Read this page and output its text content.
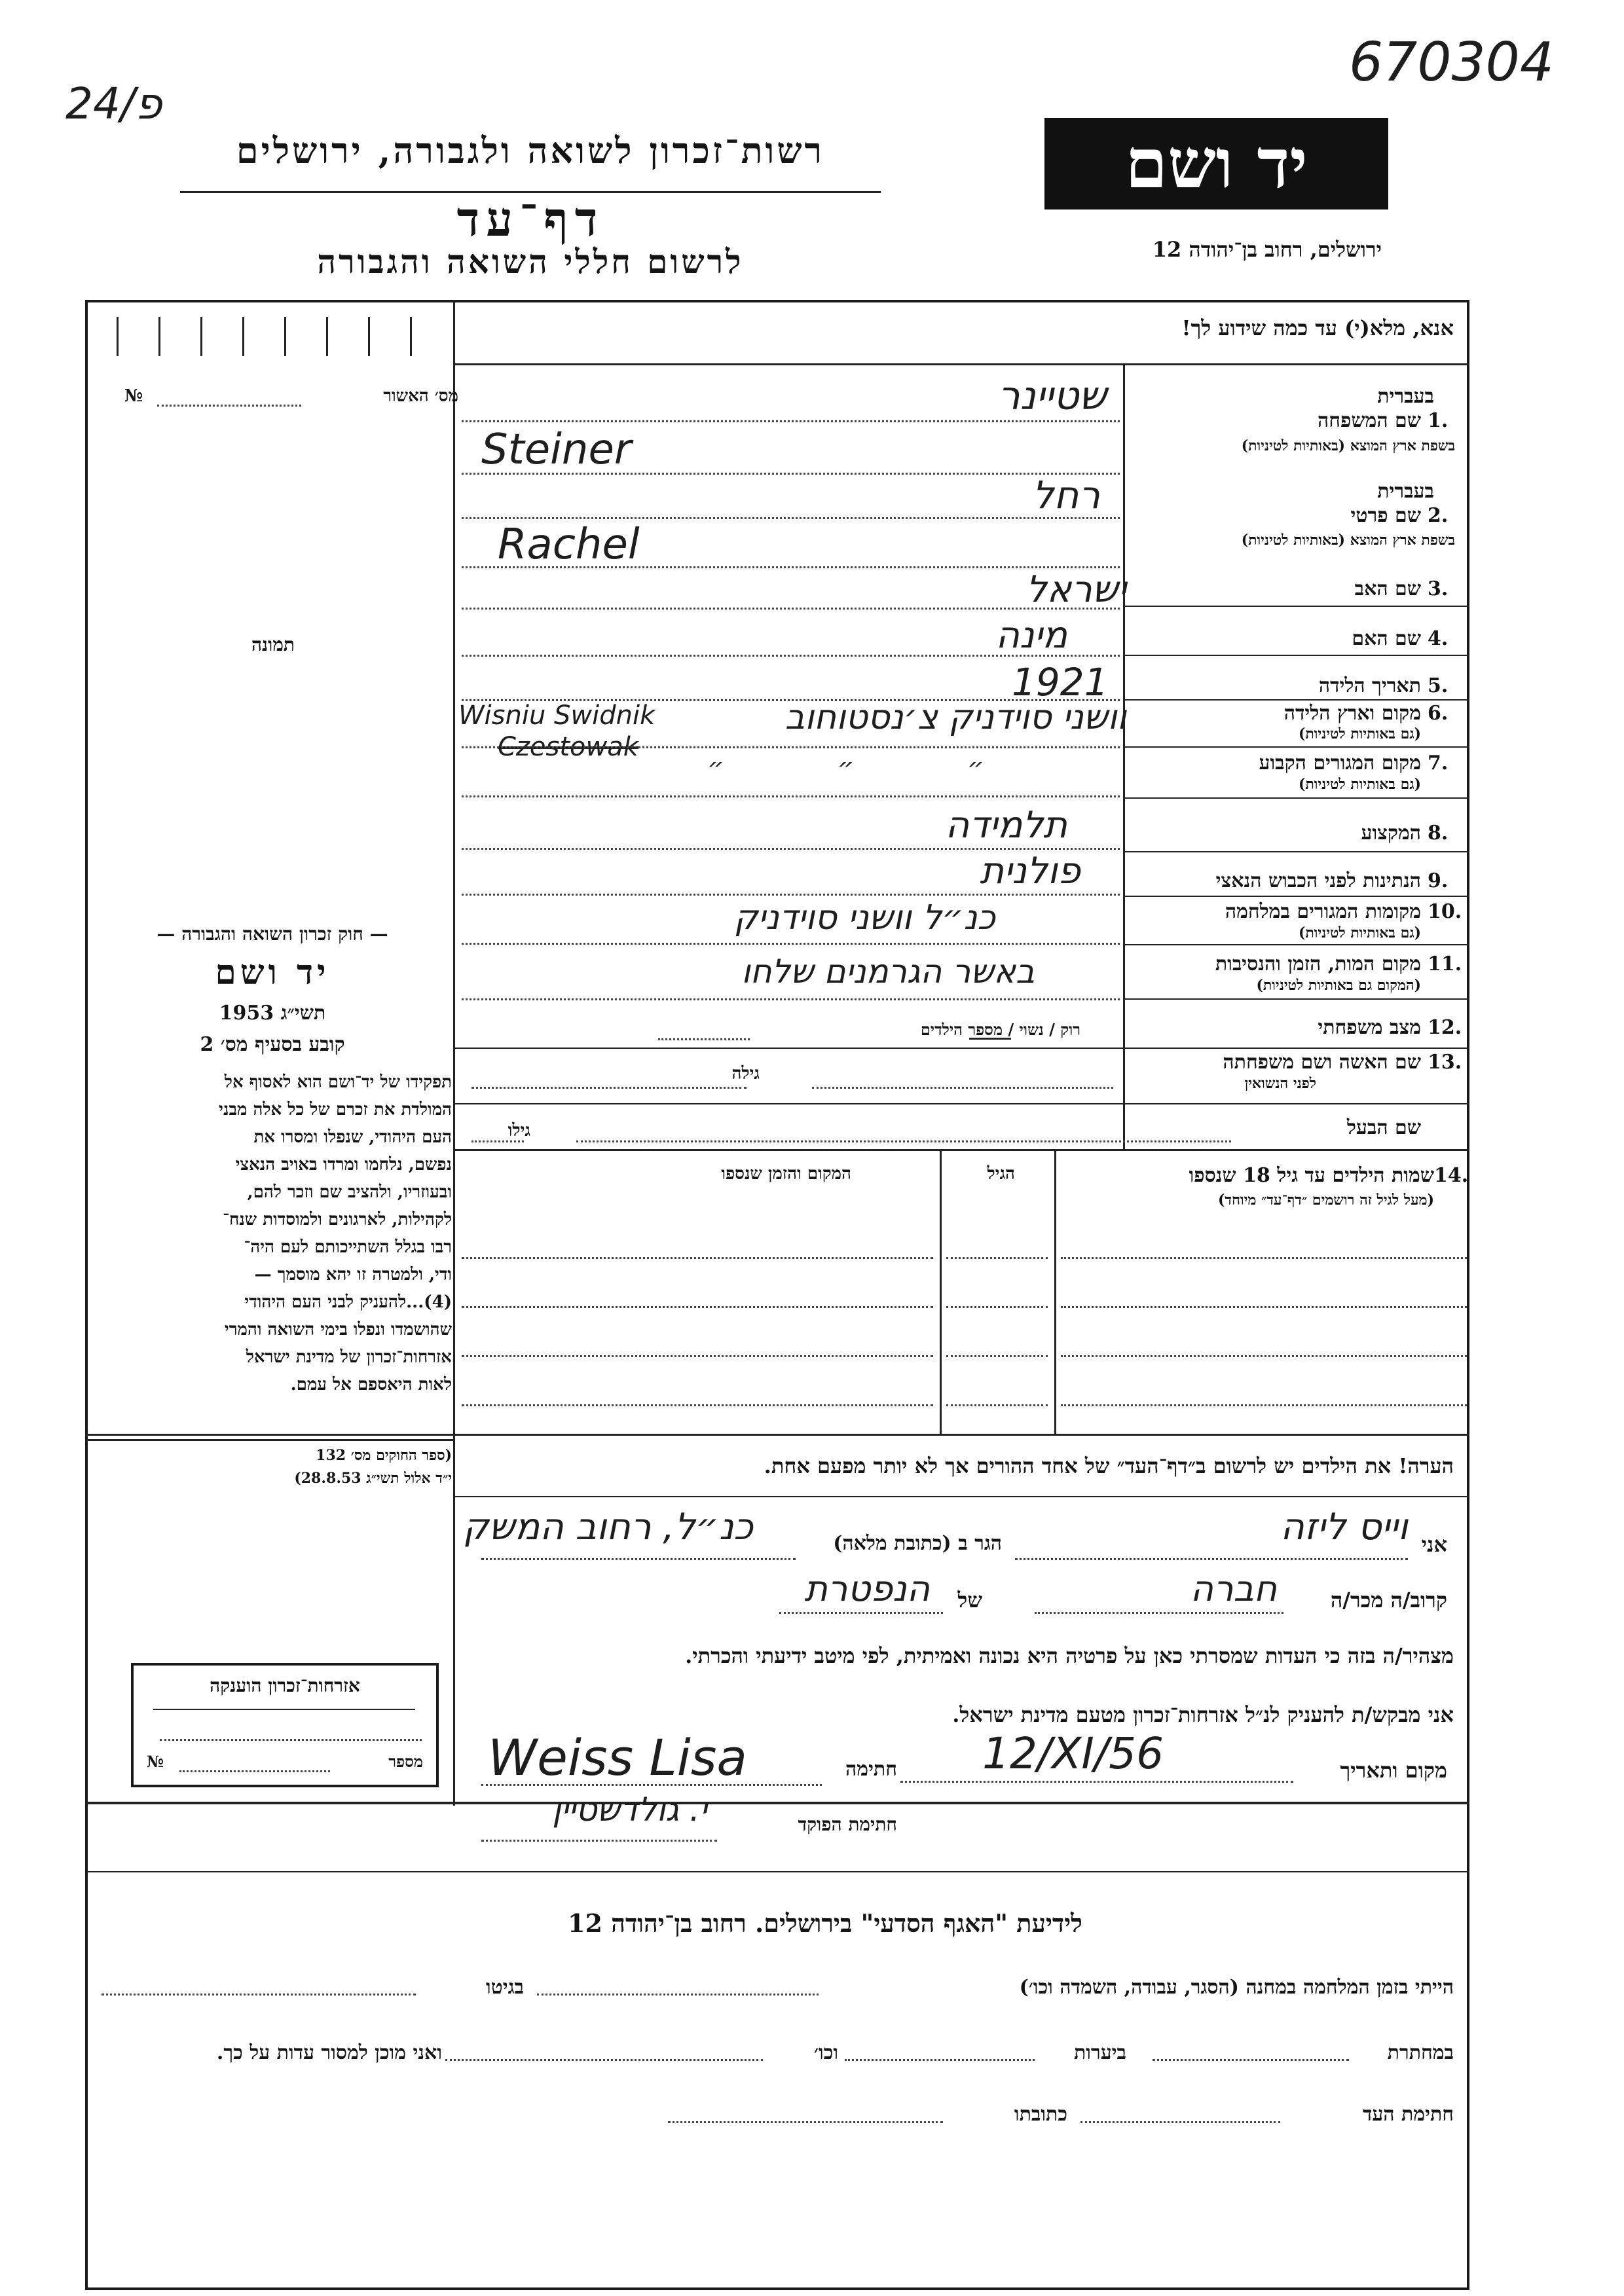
24/פ
670304
רשות־זכרון לשואה ולגבורה, ירושלים
דף־עד
לרשום חללי השואה והגבורה
יד ושם
ירושלים, רחוב בן־יהודה 12
מס׳ האשור
№
תמונה
אנא, מלא(י) עד כמה שידוע לך!
1.
שם המשפחה
בעברית
בשפת ארץ המוצא (באותיות לטיניות)
שטיינר
Steiner
2.
שם פרטי
בעברית
בשפת ארץ המוצא (באותיות לטיניות)
רחל
Rachel
3.
שם האב
ישראל
4.
שם האם
מינה
5.
תאריך הלידה
1921
6.
מקום וארץ הלידה
(גם באותיות לטיניות)
Wisniu Swidnik
Czestowak
וושני סוידניק צ׳נסטוחוב
7.
מקום המגורים הקבוע
(גם באותיות לטיניות)
״ ״ ״
8.
המקצוע
תלמידה
9.
הנתינות לפני הכבוש הנאצי
פולנית
10.
מקומות המגורים במלחמה
(גם באותיות לטיניות)
כנ״ל וושני סוידניק
11.
מקום המות, הזמן והנסיבות
(המקום גם באותיות לטיניות)
באשר הגרמנים שלחו
12.
מצב משפחתי
רוק / נשוי / מספר הילדים
13.
שם האשה ושם משפחתה
לפני הנשואין
גילה
שם הבעל
גילו
14.
שמות הילדים עד גיל 18 שנספו
(מעל לגיל זה רושמים ״דף־עד״ מיוחד)
הגיל
המקום והזמן שנספו
— חוק זכרון השואה והגבורה —
יד ושם
תשי״ג 1953
קובע בסעיף מס׳ 2
תפקידו של יד־ושם הוא לאסוף אל
המולדת את זכרם של כל אלה מבני
העם היהודי, שנפלו ומסרו את
נפשם, נלחמו ומרדו באויב הנאצי
ובעוזריו, ולהציב שם וזכר להם,
לקהילות, לארגונים ולמוסדות שנח־
רבו בגלל השתייכותם לעם היה־
ודי, ולמטרה זו יהא מוסמך —
(4)...להעניק לבני העם היהודי
שהושמדו ונפלו בימי השואה והמרי
אזרחות־זכרון של מדינת ישראל
לאות היאספם אל עמם.
(ספר החוקים מס׳ 132
י״ד אלול תשי״ג 28.8.53)
אזרחות־זכרון הוענקה
מספר
№
הערה! את הילדים יש לרשום ב״דף־העד״ של אחד ההורים אך לא יותר מפעם אחת.
אני
וייס ליזה
הגר ב (כתובת מלאה)
כנ״ל, רחוב המשק
קרוב/ה מכר/ה
חברה
של
הנפטרת
מצהיר/ה בזה כי העדות שמסרתי כאן על פרטיה היא נכונה ואמיתית, לפי מיטב ידיעתי והכרתי.
אני מבקש/ת להעניק לנ״ל אזרחות־זכרון מטעם מדינת ישראל.
מקום ותאריך
12/XI/56
חתימה
Weiss Lisa
חתימת הפוקד
י. גולדשטיין
לידיעת "האגף הסדעי" בירושלים. רחוב בן־יהודה 12
הייתי בזמן המלחמה במחנה (הסגר, עבודה, השמדה וכו׳)
בגיטו
במחתרת
ביערות
וכו׳
ואני מוכן למסור עדות על כך.
חתימת העד
כתובתו
